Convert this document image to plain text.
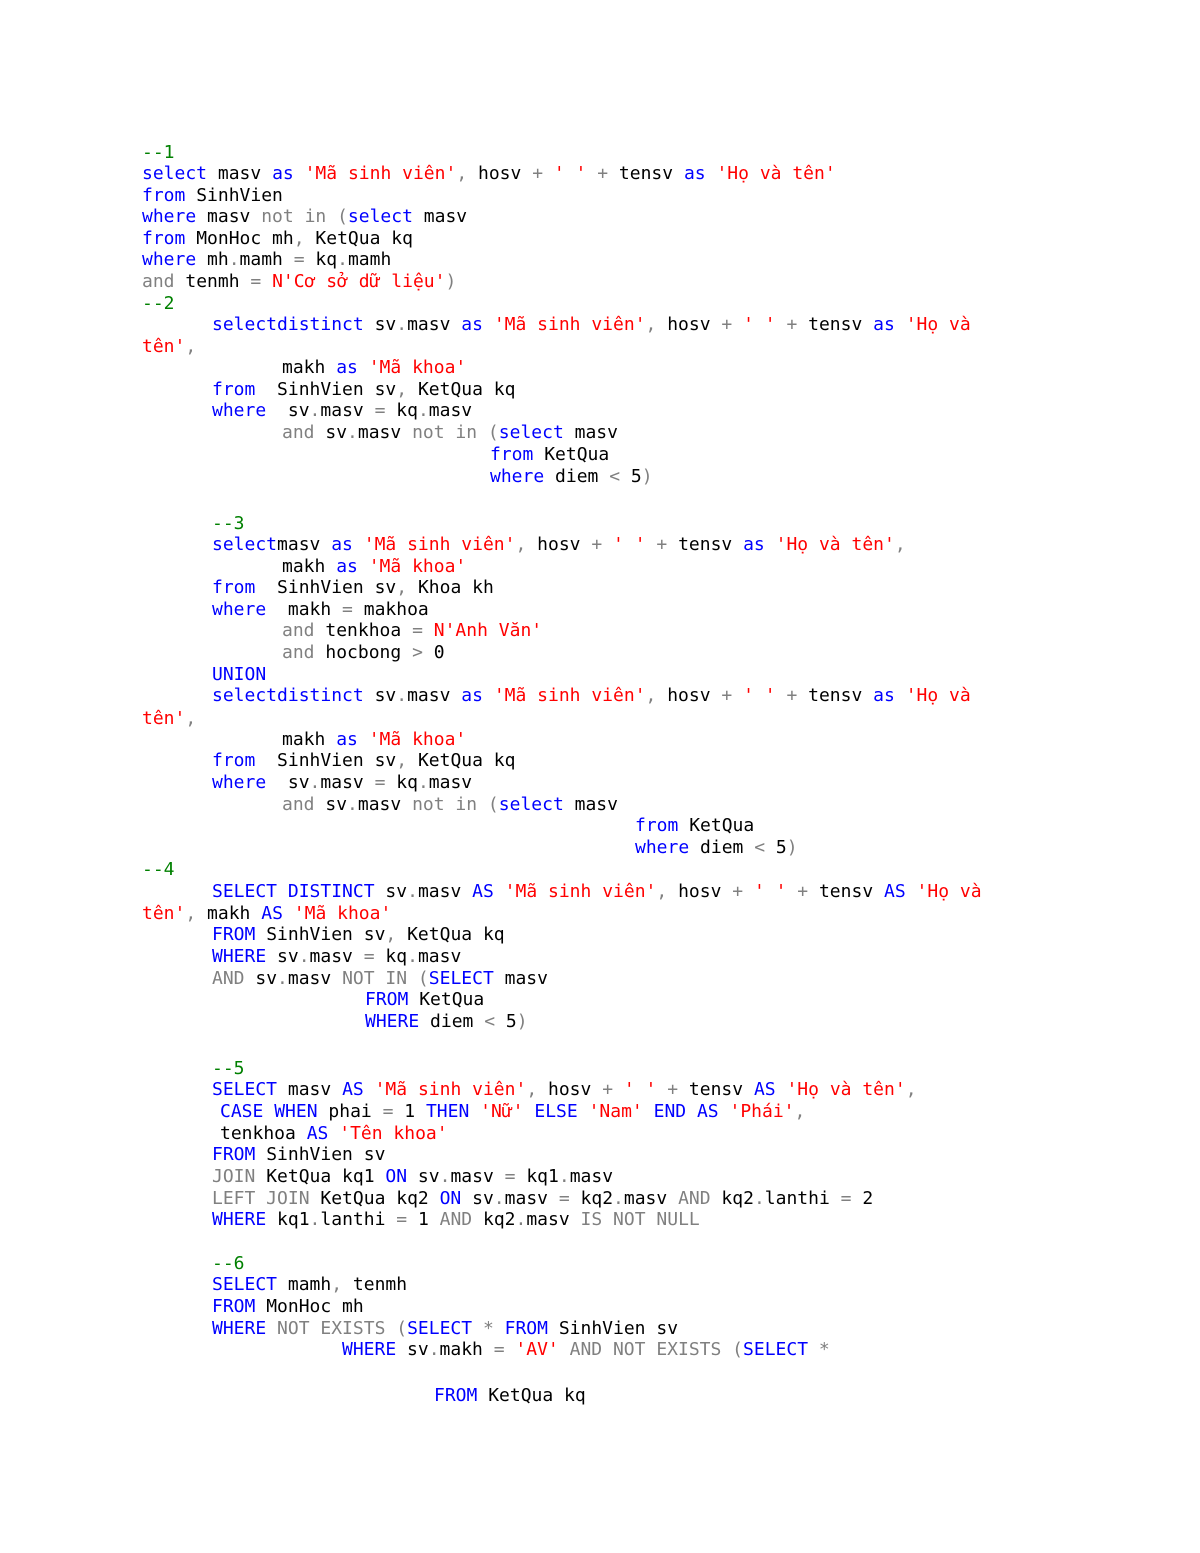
--1
select masv as 'Mã sinh viên', hosv + ' ' + tensv as 'Họ và tên'
from SinhVien
where masv not in (select masv
from MonHoc mh, KetQua kq
where mh.mamh = kq.mamh
and tenmh = N'Cơ sở dữ liệu')
--2
selectdistinct sv.masv as 'Mã sinh viên', hosv + ' ' + tensv as 'Họ và
tên',
makh as 'Mã khoa'
from  SinhVien sv, KetQua kq
where  sv.masv = kq.masv
and sv.masv not in (select masv
from KetQua
where diem < 5)
--3
selectmasv as 'Mã sinh viên', hosv + ' ' + tensv as 'Họ và tên',
makh as 'Mã khoa'
from  SinhVien sv, Khoa kh
where  makh = makhoa
and tenkhoa = N'Anh Văn'
and hocbong > 0
UNION
selectdistinct sv.masv as 'Mã sinh viên', hosv + ' ' + tensv as 'Họ và
tên',
makh as 'Mã khoa'
from  SinhVien sv, KetQua kq
where  sv.masv = kq.masv
and sv.masv not in (select masv
from KetQua
where diem < 5)
--4
SELECT DISTINCT sv.masv AS 'Mã sinh viên', hosv + ' ' + tensv AS 'Họ và
tên', makh AS 'Mã khoa'
FROM SinhVien sv, KetQua kq
WHERE sv.masv = kq.masv
AND sv.masv NOT IN (SELECT masv
FROM KetQua
WHERE diem < 5)
--5
SELECT masv AS 'Mã sinh viên', hosv + ' ' + tensv AS 'Họ và tên',
CASE WHEN phai = 1 THEN 'Nữ' ELSE 'Nam' END AS 'Phái',
tenkhoa AS 'Tên khoa'
FROM SinhVien sv
JOIN KetQua kq1 ON sv.masv = kq1.masv
LEFT JOIN KetQua kq2 ON sv.masv = kq2.masv AND kq2.lanthi = 2
WHERE kq1.lanthi = 1 AND kq2.masv IS NOT NULL
--6
SELECT mamh, tenmh
FROM MonHoc mh
WHERE NOT EXISTS (SELECT * FROM SinhVien sv
WHERE sv.makh = 'AV' AND NOT EXISTS (SELECT *
FROM KetQua kq
